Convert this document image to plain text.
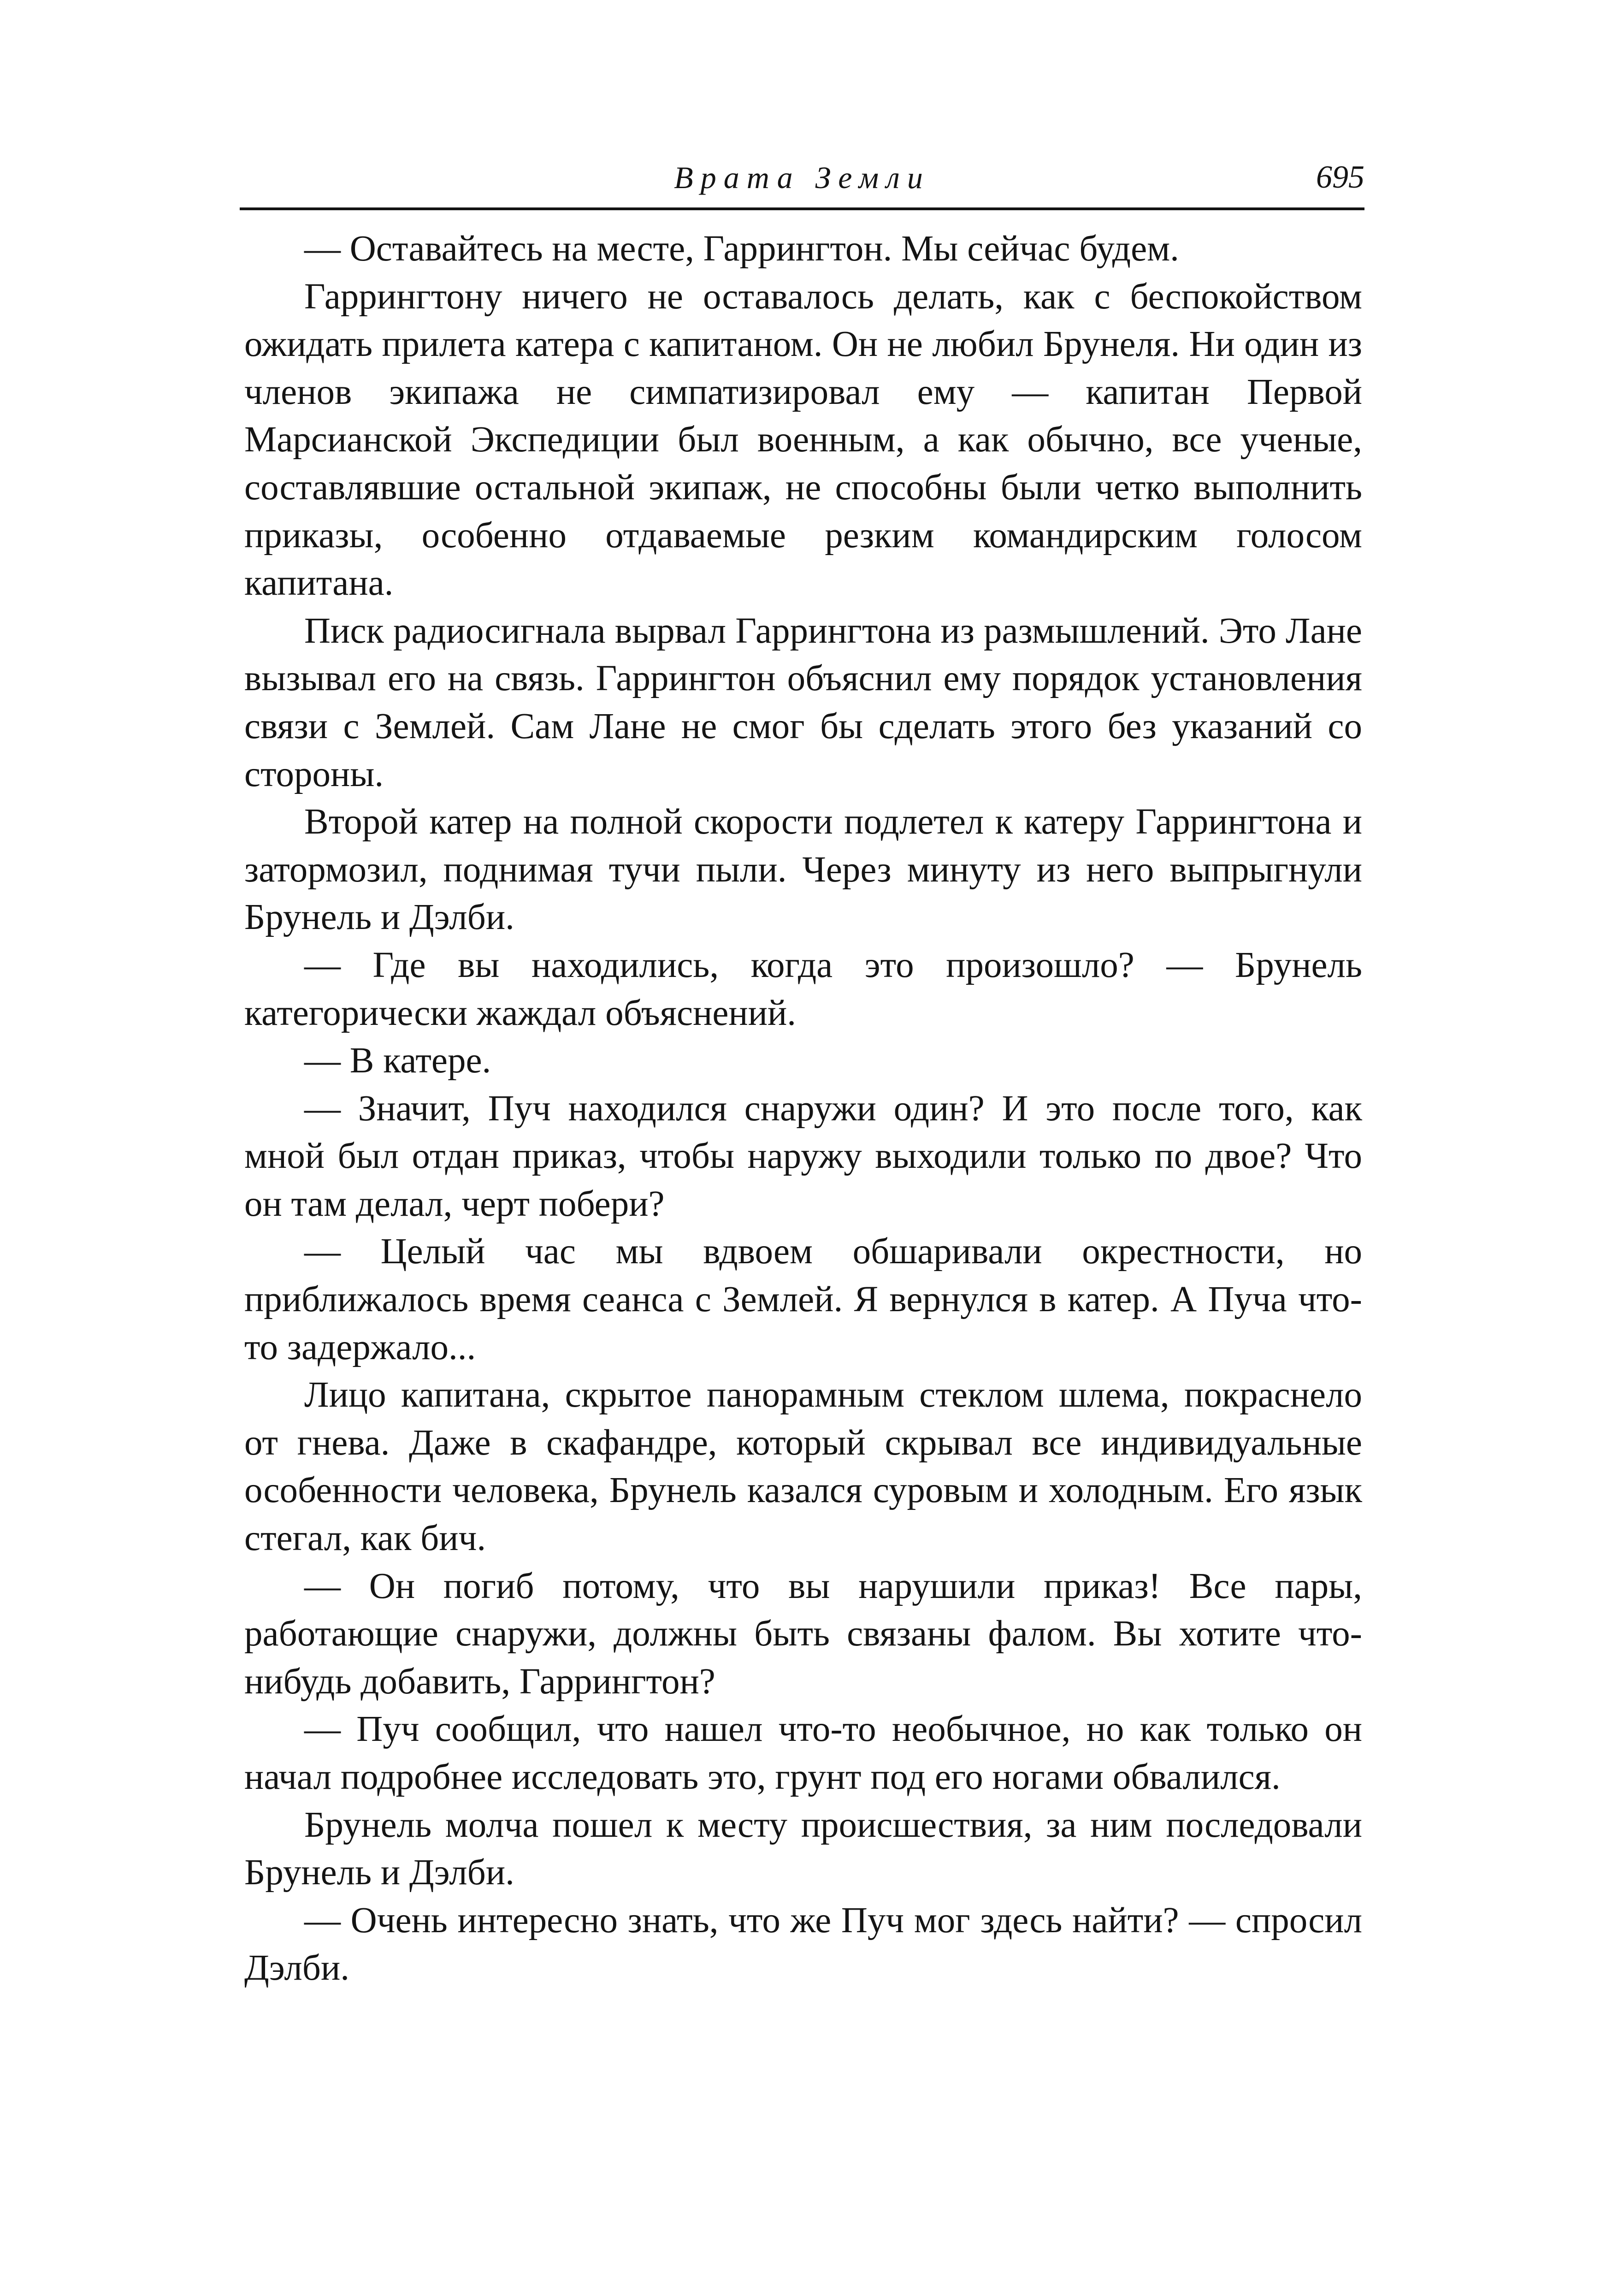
Врата Земли	695

— Оставайтесь на месте, Гаррингтон. Мы сейчас будем.

Гаррингтону ничего не оставалось делать, как с беспокойством ожидать прилета катера с капитаном. Он не любил Брунеля. Ни один из членов экипажа не симпатизировал ему — капитан Первой Марсианской Экспедиции был военным, а как обычно, все ученые, составлявшие остальной экипаж, не способны были четко выполнить приказы, особенно отдаваемые резким командирским голосом капитана.

Писк радиосигнала вырвал Гаррингтона из размышлений. Это Лане вызывал его на связь. Гаррингтон объяснил ему порядок установления связи с Землей. Сам Лане не смог бы сделать этого без указаний со стороны.

Второй катер на полной скорости подлетел к катеру Гаррингтона и затормозил, поднимая тучи пыли. Через минуту из него выпрыгнули Брунель и Дэлби.

— Где вы находились, когда это произошло? — Брунель категорически жаждал объяснений.

— В катере.

— Значит, Пуч находился снаружи один? И это после того, как мной был отдан приказ, чтобы наружу выходили только по двое? Что он там делал, черт побери?

— Целый час мы вдвоем обшаривали окрестности, но приближалось время сеанса с Землей. Я вернулся в катер. А Пуча что-то задержало...

Лицо капитана, скрытое панорамным стеклом шлема, покраснело от гнева. Даже в скафандре, который скрывал все индивидуальные особенности человека, Брунель казался суровым и холодным. Его язык стегал, как бич.

— Он погиб потому, что вы нарушили приказ! Все пары, работающие снаружи, должны быть связаны фалом. Вы хотите что-нибудь добавить, Гаррингтон?

— Пуч сообщил, что нашел что-то необычное, но как только он начал подробнее исследовать это, грунт под его ногами обвалился.

Брунель молча пошел к месту происшествия, за ним последовали Брунель и Дэлби.

— Очень интересно знать, что же Пуч мог здесь найти? — спросил Дэлби.
